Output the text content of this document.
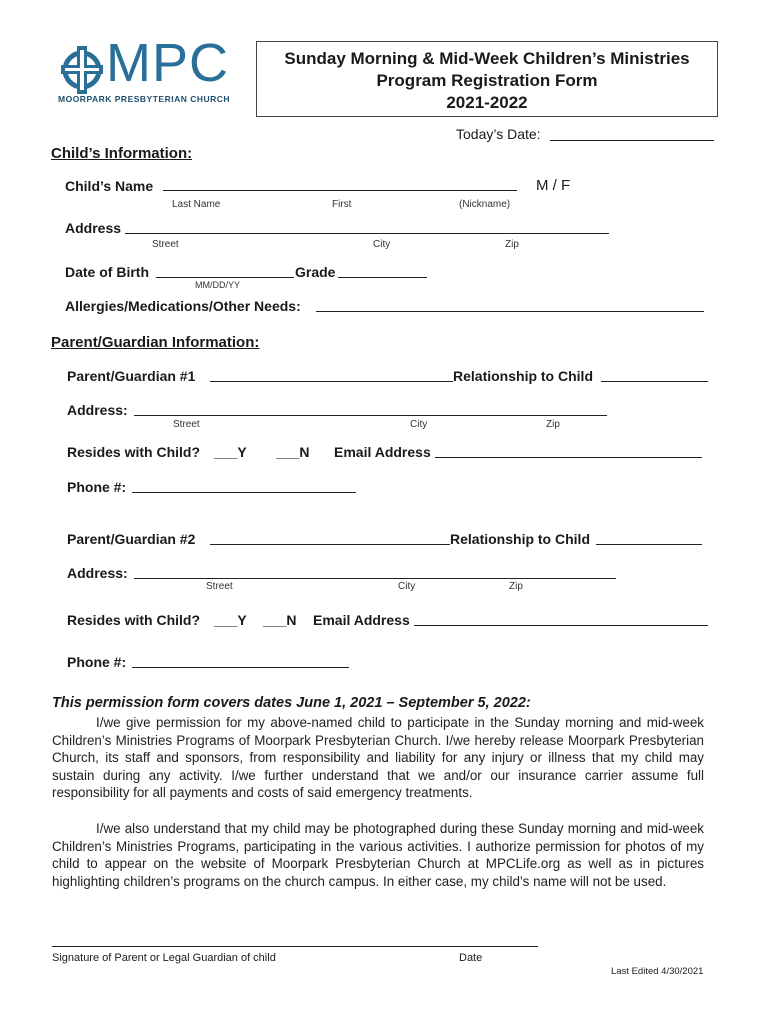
MPC
MOORPARK PRESBYTERIAN CHURCH
Sunday Morning & Mid-Week Children’s Ministries
Program Registration Form
2021-2022
Today’s Date:
Child’s Information:
Child’s Name	M / F
Last Name	First	(Nickname)
Address
Street	City	Zip
Date of Birth	Grade
MM/DD/YY
Allergies/Medications/Other Needs:
Parent/Guardian Information:
Parent/Guardian #1	Relationship to Child
Address:
Street	City	Zip
Resides with Child? ___Y ___N Email Address
Phone #:
Parent/Guardian #2	Relationship to Child
Address:
Street	City	Zip
Resides with Child? ___Y ___N Email Address
Phone #:
This permission form covers dates June 1, 2021 – September 5, 2022:
I/we give permission for my above-named child to participate in the Sunday morning and mid-week Children’s Ministries Programs of Moorpark Presbyterian Church. I/we hereby release Moorpark Presbyterian Church, its staff and sponsors, from responsibility and liability for any injury or illness that my child may sustain during any activity. I/we further understand that we and/or our insurance carrier assume full responsibility for all payments and costs of said emergency treatments.
I/we also understand that my child may be photographed during these Sunday morning and mid-week Children’s Ministries Programs, participating in the various activities. I authorize permission for photos of my child to appear on the website of Moorpark Presbyterian Church at MPCLife.org as well as in pictures highlighting children’s programs on the church campus. In either case, my child’s name will not be used.
Signature of Parent or Legal Guardian of child	Date
Last Edited 4/30/2021
